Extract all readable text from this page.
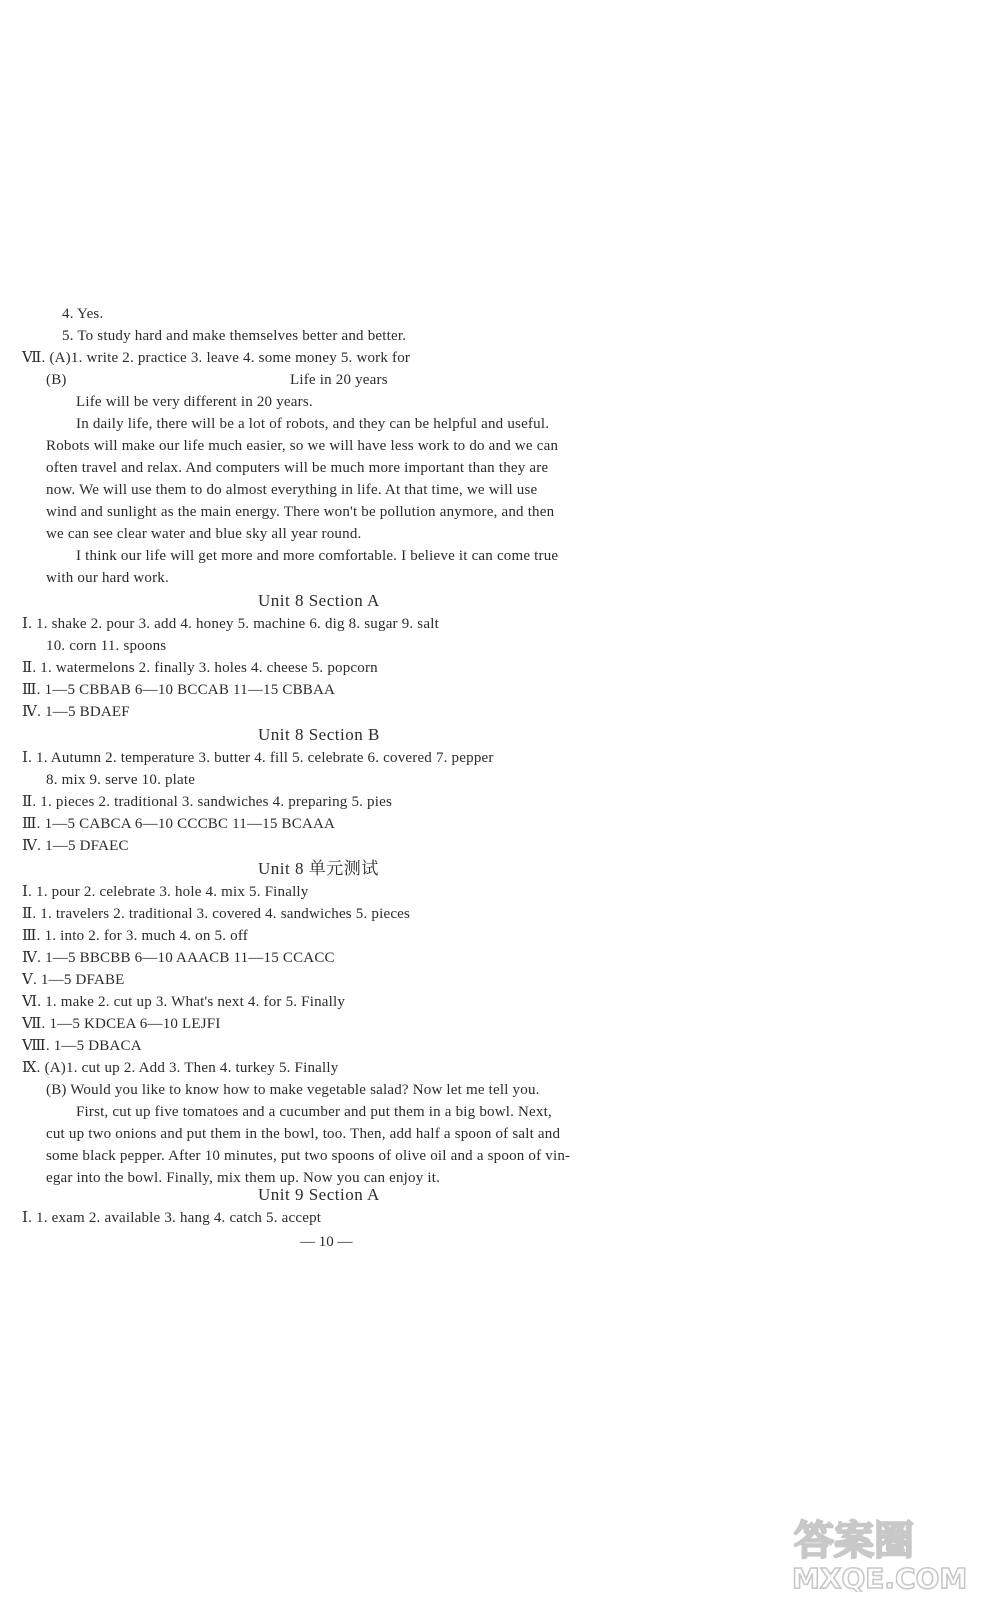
4. Yes.
5. To study hard and make themselves better and better.
Ⅶ. (A)1. write 2. practice 3. leave 4. some money 5. work for
(B)	Life in 20 years
Life will be very different in 20 years.
In daily life, there will be a lot of robots, and they can be helpful and useful.
Robots will make our life much easier, so we will have less work to do and we can
often travel and relax. And computers will be much more important than they are
now. We will use them to do almost everything in life. At that time, we will use
wind and sunlight as the main energy. There won't be pollution anymore, and then
we can see clear water and blue sky all year round.
I think our life will get more and more comfortable. I believe it can come true
with our hard work.
Unit 8 Section A
Ⅰ. 1. shake 2. pour 3. add 4. honey 5. machine 6. dig 8. sugar 9. salt
10. corn 11. spoons
Ⅱ. 1. watermelons 2. finally 3. holes 4. cheese 5. popcorn
Ⅲ. 1—5 CBBAB 6—10 BCCAB 11—15 CBBAA
Ⅳ. 1—5 BDAEF
Unit 8 Section B
Ⅰ. 1. Autumn 2. temperature 3. butter 4. fill 5. celebrate 6. covered 7. pepper
8. mix 9. serve 10. plate
Ⅱ. 1. pieces 2. traditional 3. sandwiches 4. preparing 5. pies
Ⅲ. 1—5 CABCA 6—10 CCCBC 11—15 BCAAA
Ⅳ. 1—5 DFAEC
Unit 8 单元测试
Ⅰ. 1. pour 2. celebrate 3. hole 4. mix 5. Finally
Ⅱ. 1. travelers 2. traditional 3. covered 4. sandwiches 5. pieces
Ⅲ. 1. into 2. for 3. much 4. on 5. off
Ⅳ. 1—5 BBCBB 6—10 AAACB 11—15 CCACC
Ⅴ. 1—5 DFABE
Ⅵ. 1. make 2. cut up 3. What's next 4. for 5. Finally
Ⅶ. 1—5 KDCEA 6—10 LEJFI
Ⅷ. 1—5 DBACA
Ⅸ. (A)1. cut up 2. Add 3. Then 4. turkey 5. Finally
(B) Would you like to know how to make vegetable salad? Now let me tell you.
First, cut up five tomatoes and a cucumber and put them in a big bowl. Next,
cut up two onions and put them in the bowl, too. Then, add half a spoon of salt and
some black pepper. After 10 minutes, put two spoons of olive oil and a spoon of vin-
egar into the bowl. Finally, mix them up. Now you can enjoy it.
Unit 9 Section A
Ⅰ. 1. exam 2. available 3. hang 4. catch 5. accept
— 10 —
答案圈
MXQE.COM
